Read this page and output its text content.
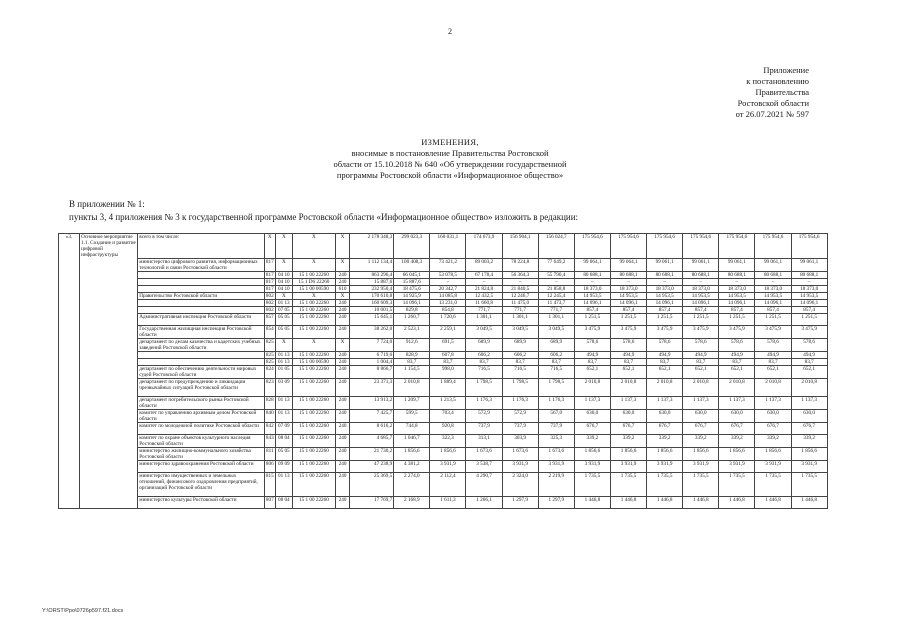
2
Приложение
к постановлению
Правительства
Ростовской области
от 26.07.2021 № 597
ИЗМЕНЕНИЯ,
вносимые в постановление Правительства Ростовской
области от 15.10.2018 № 640 «Об утверждении государственной
программы Ростовской области «Информационное общество»
В приложении № 1:
пункты 3, 4 приложения № 3 к государственной программе Ростовской области «Информационное общество» изложить в редакции:
«3.	Основное мероприятие 1.1. Создание и развитие цифровой инфраструктуры	всего в том числе:	Х	Х	Х	Х	2 178 348,3	299 023,3	160 031,1	174 673,9	156 904,1	156 024,7	175 954,6	175 954,6	175 954,6	175 954,6	175 954,6	175 954,6	175 954,6
		министерство цифрового развития, информационных технологий и связи Ростовской области	817	Х	Х	Х	1 112 134,4	100 408,3	73 421,2	89 003,2	78 224,8	77 649,2	99 064,1	99 064,1	99 061,1	99 061,1	99 061,1	99 061,1	99 061,1
			817	04 10	15 1 00 22260	240	863 296,4	66 045,1	53 078,5	67 178,4	56 364,3	55 790,4	80 688,1	80 688,1	80 688,1	80 688,1	80 688,1	80 688,1	80 688,1
			817	04 10	15 1 D6 22260	240	15 887,6	15 887,6	–	–	–	–	–	–	–	–	–	–	–
			817	04 10	15 1 00 00590	610	232 950,4	18 475,6	20 342,7	21 824,8	21 840,5	21 858,8	18 373,0	18 373,0	18 373,0	18 373,0	18 373,0	18 373,0	18 373,0
		Правительство Ростовской области	802	Х	Х	Х	170 610,8	14 925,9	14 085,8	12 432,5	12 246,7	12 245,4	14 953,5	14 953,5	14 953,5	14 953,5	14 953,5	14 953,5	14 953,5
			802	01 13	15 1 00 22260	240	160 609,3	14 096,1	13 231,0	11 660,8	11 475,0	11 473,7	14 096,1	14 096,1	14 096,1	14 096,1	14 096,1	14 096,1	14 096,1
			802	07 05	15 1 00 22260	240	10 001,5	829,8	854,8	771,7	771,7	771,7	857,4	857,4	857,4	857,4	857,4	857,4	857,4
		Административная инспекция Ростовской области	857	05 05	15 1 00 22260	240	15 645,1	1 260,7	1 720,6	1 301,1	1 301,1	1 301,1	1 251,5	1 251,5	1 251,5	1 251,5	1 251,5	1 251,5	1 251,5
		Государственная жилищная инспекция Ростовской области	854	05 05	15 1 00 22260	240	38 262,0	2 523,1	2 259,1	3 049,5	3 049,5	3 049,5	3 475,9	3 475,9	3 475,9	3 475,9	3 475,9	3 475,9	3 475,9
		департамент по делам казачества и кадетских учебных заведений Ростовской области	825	Х	Х	Х	7 724,0	912,6	691,5	689,9	689,9	689,9	578,6	578,6	578,6	578,6	578,6	578,6	578,6
			825	01 13	15 1 00 22260	240	6 719,6	828,9	607,8	606,2	606,2	606,2	494,9	494,9	494,9	494,9	494,9	494,9	494,9
			825	01 13	15 1 00 00590	240	1 004,4	83,7	83,7	83,7	83,7	83,7	83,7	83,7	83,7	83,7	83,7	83,7	83,7
		департамент по обеспечению деятельности мировых судей Ростовской области	824	01 05	15 1 00 22260	240	8 866,7	1 154,5	998,0	716,5	716,5	716,5	652,1	652,1	652,1	652,1	652,1	652,1	652,1
		департамент по предупреждению и ликвидации чрезвычайных ситуаций Ростовской области	823	03 09	15 1 00 22260	240	23 371,3	2 010,8	1 889,4	1 798,5	1 798,5	1 798,5	2 010,8	2 010,8	2 010,8	2 010,8	2 010,8	2 010,8	2 010,8
		департамент потребительского рынка Ростовской области	828	01 13	15 1 00 22260	240	13 913,2	1 209,7	1 213,5	1 176,3	1 176,3	1 176,3	1 137,3	1 137,3	1 137,3	1 137,3	1 137,3	1 137,3	1 137,3
		комитет по управлению архивным делом Ростовской области	840	01 13	15 1 00 22260	240	7 425,7	599,5	703,4	572,9	572,9	567,0	630,0	630,0	630,0	630,0	630,0	630,0	630,0
		комитет по молодежной политике Ростовской области	842	07 09	15 1 00 22260	240	8 616,2	744,8	920,8	737,9	737,9	737,9	676,7	676,7	676,7	676,7	676,7	676,7	676,7
		комитет по охране объектов культурного наследия Ростовской области	843	08 04	15 1 00 22260	240	4 685,7	1 046,7	322,3	313,1	303,9	325,3	339,2	339,2	339,2	339,2	339,2	339,2	339,2
		министерство жилищно-коммунального хозяйства Ростовской области	811	05 05	15 1 00 22260	240	21 730,2	1 856,6	1 856,6	1 673,6	1 673,6	1 673,6	1 856,6	1 856,6	1 856,6	1 856,6	1 856,6	1 856,6	1 856,6
		министерство здравоохранения Ростовской области	806	09 09	15 1 00 22260	240	47 238,9	4 381,2	3 931,9	3 538,7	3 931,9	3 931,9	3 931,9	3 931,9	3 931,9	3 931,9	3 931,9	3 931,9	3 931,9
		министерство имущественных и земельных отношений, финансового оздоровления предприятий, организаций Ростовской области	815	01 13	15 1 00 22260	240	25 369,5	2 274,0	2 112,4	4 290,7	2 324,0	2 219,9	1 735,5	1 735,5	1 735,5	1 735,5	1 735,5	1 735,5	1 735,5
		министерство культуры Ростовской области	807	08 04	15 1 00 22260	240	17 769,7	2 168,9	1 611,3	1 266,1	1 297,9	1 297,9	1 446,8	1 446,8	1 446,8	1 446,8	1 446,8	1 446,8	1 446,8
Y:\ORST\Ppo\0726p597.f21.docx
